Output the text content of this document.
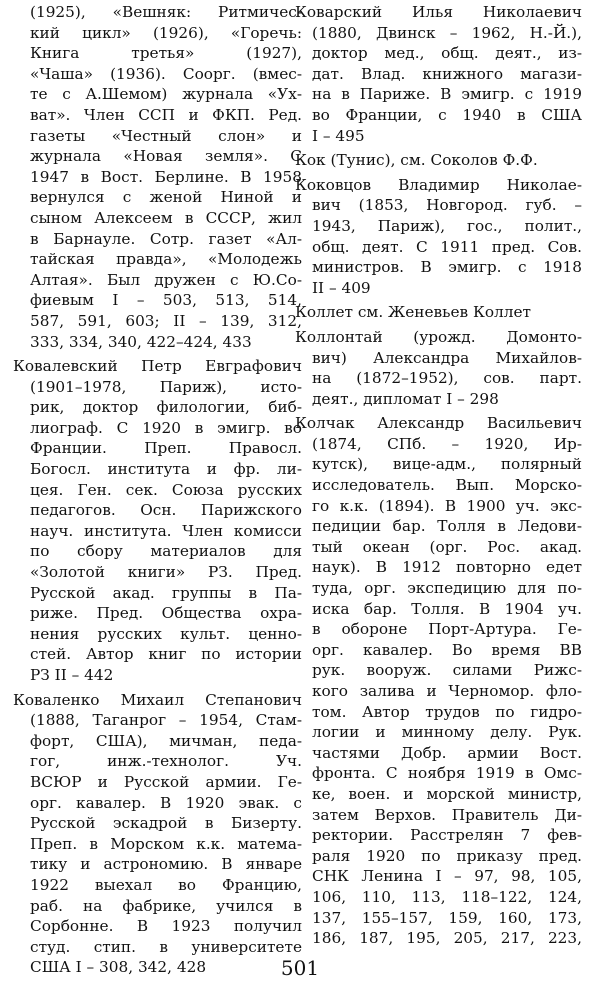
(1925), «Вешняк: Ритмичес-
кий цикл» (1926), «Горечь:
Книга третья» (1927),
«Чаша» (1936). Соорг. (вмес-
те с А.Шемом) журнала «Ух-
ват». Член ССП и ФКП. Ред.
газеты «Честный слон» и
журнала «Новая земля». С
1947 в Вост. Берлине. В 1958
вернулся с женой Ниной и
сыном Алексеем в СССР, жил
в Барнауле. Сотр. газет «Ал-
тайская правда», «Молодежь
Алтая». Был дружен с Ю.Со-
фиевым I – 503, 513, 514,
587, 591, 603; II – 139, 312,
333, 334, 340, 422–424, 433
Ковалевский Петр Евграфович
(1901–1978, Париж), исто-
рик, доктор филологии, биб-
лиограф. С 1920 в эмигр. во
Франции. Преп. Правосл.
Богосл. института и фр. ли-
цея. Ген. сек. Союза русских
педагогов. Осн. Парижского
науч. института. Член комисси
по сбору материалов для
«Золотой книги» РЗ. Пред.
Русской акад. группы в Па-
риже. Пред. Общества охра-
нения русских культ. ценно-
стей. Автор книг по истории
РЗ II – 442
Коваленко Михаил Степанович
(1888, Таганрог – 1954, Стам-
форт, США), мичман, педа-
гог, инж.-технолог. Уч.
ВСЮР и Русской армии. Ге-
орг. кавалер. В 1920 эвак. с
Русской эскадрой в Бизерту.
Преп. в Морском к.к. матема-
тику и астрономию. В январе
1922 выехал во Францию,
раб. на фабрике, учился в
Сорбонне. В 1923 получил
студ. стип. в университете
США I – 308, 342, 428
Коварский Илья Николаевич
(1880, Двинск – 1962, Н.-Й.),
доктор мед., общ. деят., из-
дат. Влад. книжного магази-
на в Париже. В эмигр. с 1919
во Франции, с 1940 в США
I – 495
Кок (Тунис), см. Соколов Ф.Ф.
Коковцов Владимир Николае-
вич (1853, Новгород. губ. –
1943, Париж), гос., полит.,
общ. деят. С 1911 пред. Сов.
министров. В эмигр. с 1918
II – 409
Коллет см. Женевьев Коллет
Коллонтай (урожд. Домонто-
вич) Александра Михайлов-
на (1872–1952), сов. парт.
деят., дипломат I – 298
Колчак Александр Васильевич
(1874, СПб. – 1920, Ир-
кутск), вице-адм., полярный
исследователь. Вып. Морско-
го к.к. (1894). В 1900 уч. экс-
педиции бар. Толля в Ледови-
тый океан (орг. Рос. акад.
наук). В 1912 повторно едет
туда, орг. экспедицию для по-
иска бар. Толля. В 1904 уч.
в обороне Порт-Артура. Ге-
орг. кавалер. Во время ВВ
рук. вооруж. силами Рижс-
кого залива и Черномор. фло-
том. Автор трудов по гидро-
логии и минному делу. Рук.
частями Добр. армии Вост.
фронта. С ноября 1919 в Омс-
ке, воен. и морской министр,
затем Верхов. Правитель Ди-
ректории. Расстрелян 7 фев-
раля 1920 по приказу пред.
СНК Ленина I – 97, 98, 105,
106, 110, 113, 118–122, 124,
137, 155–157, 159, 160, 173,
186, 187, 195, 205, 217, 223,
501
